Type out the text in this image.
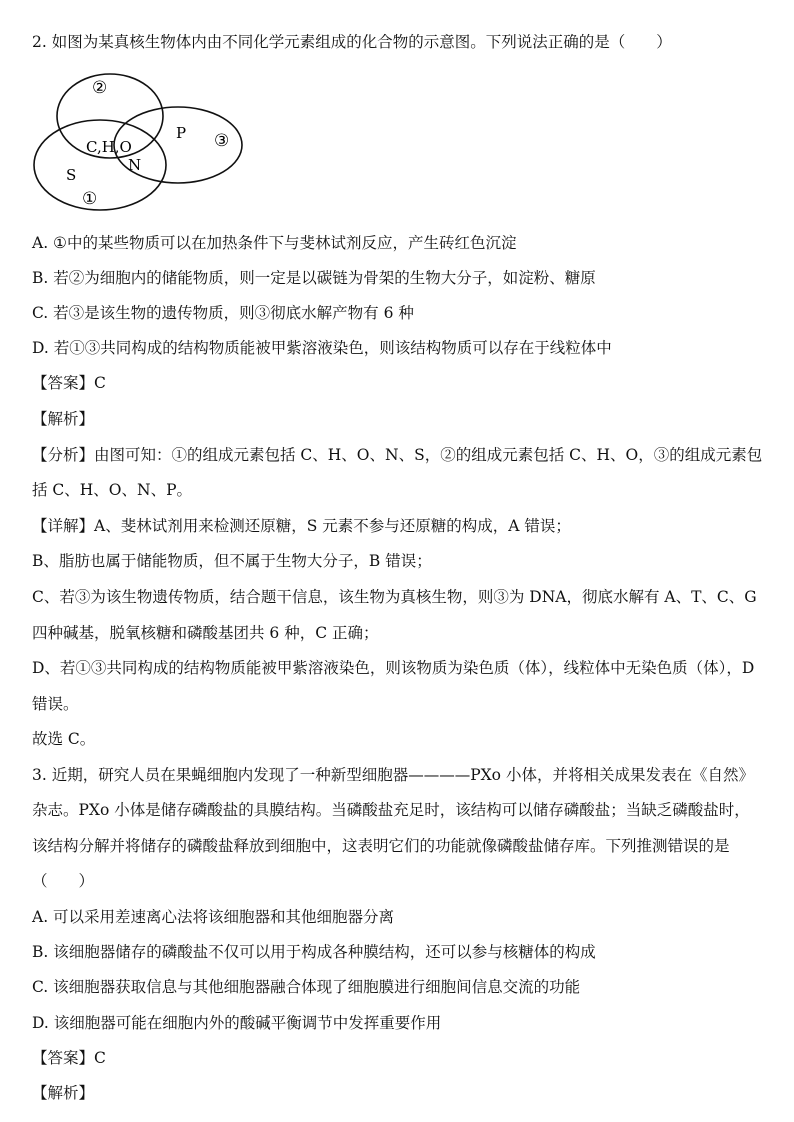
2. 如图为某真核生物体内由不同化学元素组成的化合物的示意图。下列说法正确的是（　　）
②
③
①
C,H,O
N
S
P
A. ①中的某些物质可以在加热条件下与斐林试剂反应，产生砖红色沉淀
B. 若②为细胞内的储能物质，则一定是以碳链为骨架的生物大分子，如淀粉、糖原
C. 若③是该生物的遗传物质，则③彻底水解产物有 6 种
D. 若①③共同构成的结构物质能被甲紫溶液染色，则该结构物质可以存在于线粒体中
【答案】C
【解析】
【分析】由图可知：①的组成元素包括 C、H、O、N、S，②的组成元素包括 C、H、O，③的组成元素包
括 C、H、O、N、P。
【详解】A、斐林试剂用来检测还原糖，S 元素不参与还原糖的构成，A 错误；
B、脂肪也属于储能物质，但不属于生物大分子，B 错误；
C、若③为该生物遗传物质，结合题干信息，该生物为真核生物，则③为 DNA，彻底水解有 A、T、C、G
四种碱基，脱氧核糖和磷酸基团共 6 种，C 正确；
D、若①③共同构成的结构物质能被甲紫溶液染色，则该物质为染色质（体），线粒体中无染色质（体），D
错误。
故选 C。
3. 近期，研究人员在果蝇细胞内发现了一种新型细胞器————PXo 小体，并将相关成果发表在《自然》
杂志。PXo 小体是储存磷酸盐的具膜结构。当磷酸盐充足时，该结构可以储存磷酸盐；当缺乏磷酸盐时，
该结构分解并将储存的磷酸盐释放到细胞中，这表明它们的功能就像磷酸盐储存库。下列推测错误的是
（　　）
A. 可以采用差速离心法将该细胞器和其他细胞器分离
B. 该细胞器储存的磷酸盐不仅可以用于构成各种膜结构，还可以参与核糖体的构成
C. 该细胞器获取信息与其他细胞器融合体现了细胞膜进行细胞间信息交流的功能
D. 该细胞器可能在细胞内外的酸碱平衡调节中发挥重要作用
【答案】C
【解析】
